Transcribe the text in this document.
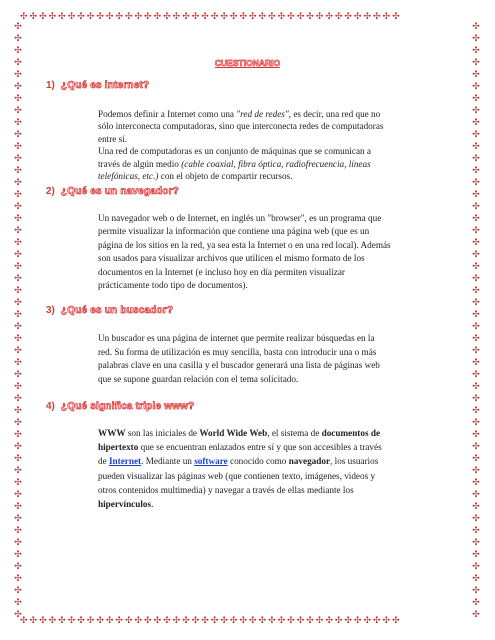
✣✣✣✣✣✣✣✣✣✣✣✣✣✣✣✣✣✣✣✣✣✣✣✣✣✣✣✣✣✣✣✣✣✣✣✣✣✣✣✣
✣✣✣✣✣✣✣✣✣✣✣✣✣✣✣✣✣✣✣✣✣✣✣✣✣✣✣✣✣✣✣✣✣✣✣✣✣✣✣✣
✣✣✣✣✣✣✣✣✣✣✣✣✣✣✣✣✣✣✣✣✣✣✣✣✣✣✣✣✣✣✣✣✣✣✣✣✣✣✣✣✣✣✣✣✣✣✣✣✣✣
✣✣✣✣✣✣✣✣✣✣✣✣✣✣✣✣✣✣✣✣✣✣✣✣✣✣✣✣✣✣✣✣✣✣✣✣✣✣✣✣✣✣✣✣✣✣✣✣✣✣
CUESTIONARIO
1) ¿Qué es internet?
Podemos definir a Internet como una "red de redes", es decir, una red que no
sólo interconecta computadoras, sino que interconecta redes de computadoras
entre sí.
Una red de computadoras es un conjunto de máquinas que se comunican a
través de algún medio (cable coaxial, fibra óptica, radiofrecuencia, líneas
telefónicas, etc.) con el objeto de compartir recursos.
2) ¿Qué es un navegador?
Un navegador web o de Internet, en inglés un "browser", es un programa que
permite visualizar la información que contiene una página web (que es un
página de los sitios en la red, ya sea esta la Internet o en una red local). Además
son usados para visualizar archivos que utilicen el mismo formato de los
documentos en la Internet (e incluso hoy en día permiten visualizar
prácticamente todo tipo de documentos).
3) ¿Qué es un buscador?
Un buscador es una página de internet que permite realizar búsquedas en la
red. Su forma de utilización es muy sencilla, basta con introducir una o más
palabras clave en una casilla y el buscador generará una lista de páginas web
que se supone guardan relación con el tema solicitado.
4) ¿Qué significa triple www?
WWW son las iniciales de World Wide Web, el sistema de documentos de
hipertexto que se encuentran enlazados entre sí y que son accesibles a través
de Internet. Mediante un software conocido como navegador, los usuarios
pueden visualizar las páginas web (que contienen texto, imágenes, videos y
otros contenidos multimedia) y navegar a través de ellas mediante los
hipervínculos.
